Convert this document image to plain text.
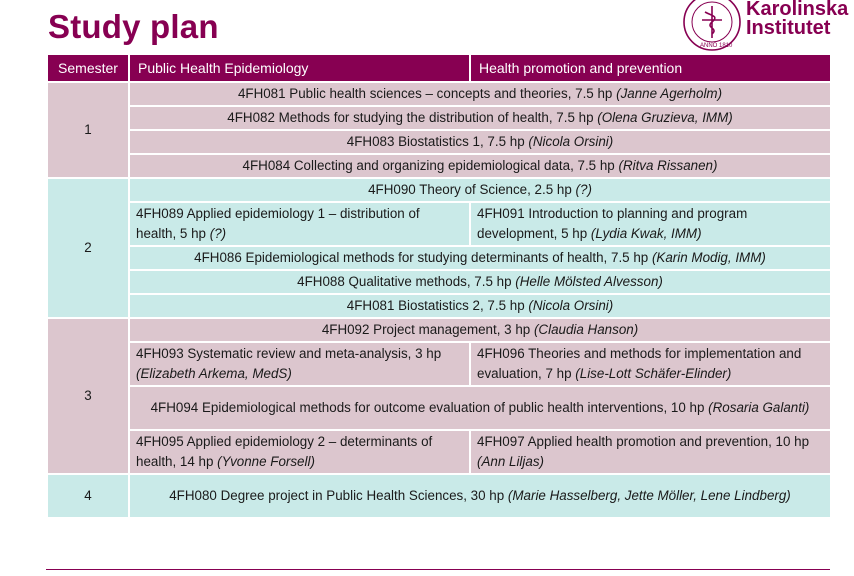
Study plan
ANNO 1810
Karolinska
Institutet
Semester	Public Health Epidemiology	Health promotion and prevention
1	4FH081 Public health sciences – concepts and theories, 7.5 hp (Janne Agerholm)	
	4FH082 Methods for studying the distribution of health, 7.5 hp (Olena Gruzieva, IMM)	
	4FH083 Biostatistics 1, 7.5 hp (Nicola Orsini)	
	4FH084 Collecting and organizing epidemiological data, 7.5 hp (Ritva Rissanen)	
2	4FH090 Theory of Science, 2.5 hp (?)	
	4FH089 Applied epidemiology 1 – distribution of health, 5 hp (?)	4FH091 Introduction to planning and program development, 5 hp (Lydia Kwak, IMM)
	4FH086 Epidemiological methods for studying determinants of health, 7.5 hp (Karin Modig, IMM)	
	4FH088 Qualitative methods, 7.5 hp (Helle Mölsted Alvesson)	
	4FH081 Biostatistics 2, 7.5 hp (Nicola Orsini)	
3	4FH092 Project management, 3 hp (Claudia Hanson)	
	4FH093 Systematic review and meta-analysis, 3 hp (Elizabeth Arkema, MedS)	4FH096 Theories and methods for implementation and evaluation, 7 hp (Lise-Lott Schäfer-Elinder)
	4FH094 Epidemiological methods for outcome evaluation of public health interventions, 10 hp (Rosaria Galanti)	
	4FH095 Applied epidemiology 2 – determinants of health, 14 hp (Yvonne Forsell)	4FH097 Applied health promotion and prevention, 10 hp (Ann Liljas)
4	4FH080 Degree project in Public Health Sciences, 30 hp (Marie Hasselberg, Jette Möller, Lene Lindberg)	
